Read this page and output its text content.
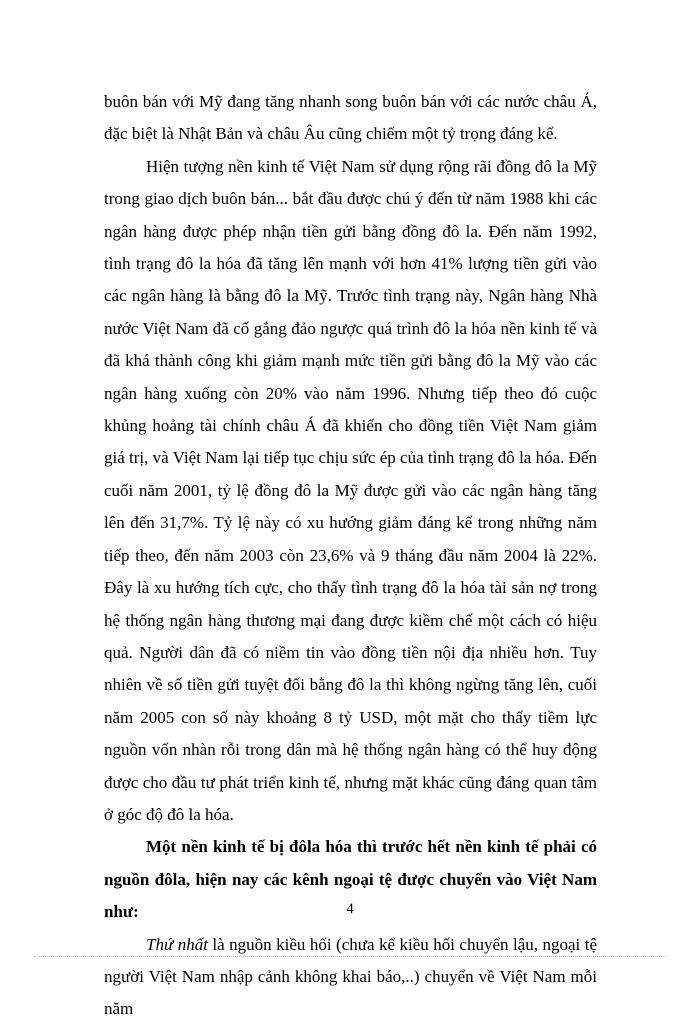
buôn bán với Mỹ đang tăng nhanh song buôn bán với các nước châu Á, đặc biệt là Nhật Bản và châu Âu cũng chiếm một tỷ trọng đáng kể.

Hiện tượng nền kinh tế Việt Nam sử dụng rộng rãi đồng đô la Mỹ trong giao dịch buôn bán... bắt đầu được chú ý đến từ năm 1988 khi các ngân hàng được phép nhận tiền gửi bằng đồng đô la. Đến năm 1992, tình trạng đô la hóa đã tăng lên mạnh với hơn 41% lượng tiền gửi vào các ngân hàng là bằng đô la Mỹ. Trước tình trạng này, Ngân hàng Nhà nước Việt Nam đã cố gắng đảo ngược quá trình đô la hóa nền kinh tế và đã khá thành công khi giảm mạnh mức tiền gửi bằng đô la Mỹ vào các ngân hàng xuống còn 20% vào năm 1996. Nhưng tiếp theo đó cuộc khủng hoảng tài chính châu Á đã khiến cho đồng tiền Việt Nam giảm giá trị, và Việt Nam lại tiếp tục chịu sức ép của tình trạng đô la hóa. Đến cuối năm 2001, tỷ lệ đồng đô la Mỹ được gửi vào các ngân hàng tăng lên đến 31,7%. Tỷ lệ này có xu hướng giảm đáng kể trong những năm tiếp theo, đến năm 2003 còn 23,6% và 9 tháng đầu năm 2004 là 22%. Đây là xu hướng tích cực, cho thấy tình trạng đô la hóa tài sản nợ trong hệ thống ngân hàng thương mại đang được kiềm chế một cách có hiệu quả. Người dân đã có niềm tin vào đồng tiền nội địa nhiều hơn. Tuy nhiên về số tiền gửi tuyệt đối bằng đô la thì không ngừng tăng lên, cuối năm 2005 con số này khoảng 8 tỷ USD, một mặt cho thấy tiềm lực nguồn vốn nhàn rỗi trong dân mà hệ thống ngân hàng có thể huy động được cho đầu tư phát triển kinh tế, nhưng mặt khác cũng đáng quan tâm ở góc độ đô la hóa.

Một nền kinh tế bị đôla hóa thì trước hết nền kinh tế phải có nguồn đôla, hiện nay các kênh ngoại tệ được chuyển vào Việt Nam như:

Thứ nhất là nguồn kiều hối (chưa kể kiều hối chuyển lậu, ngoại tệ người Việt Nam nhập cảnh không khai báo,..) chuyển về Việt Nam mỗi năm

4
